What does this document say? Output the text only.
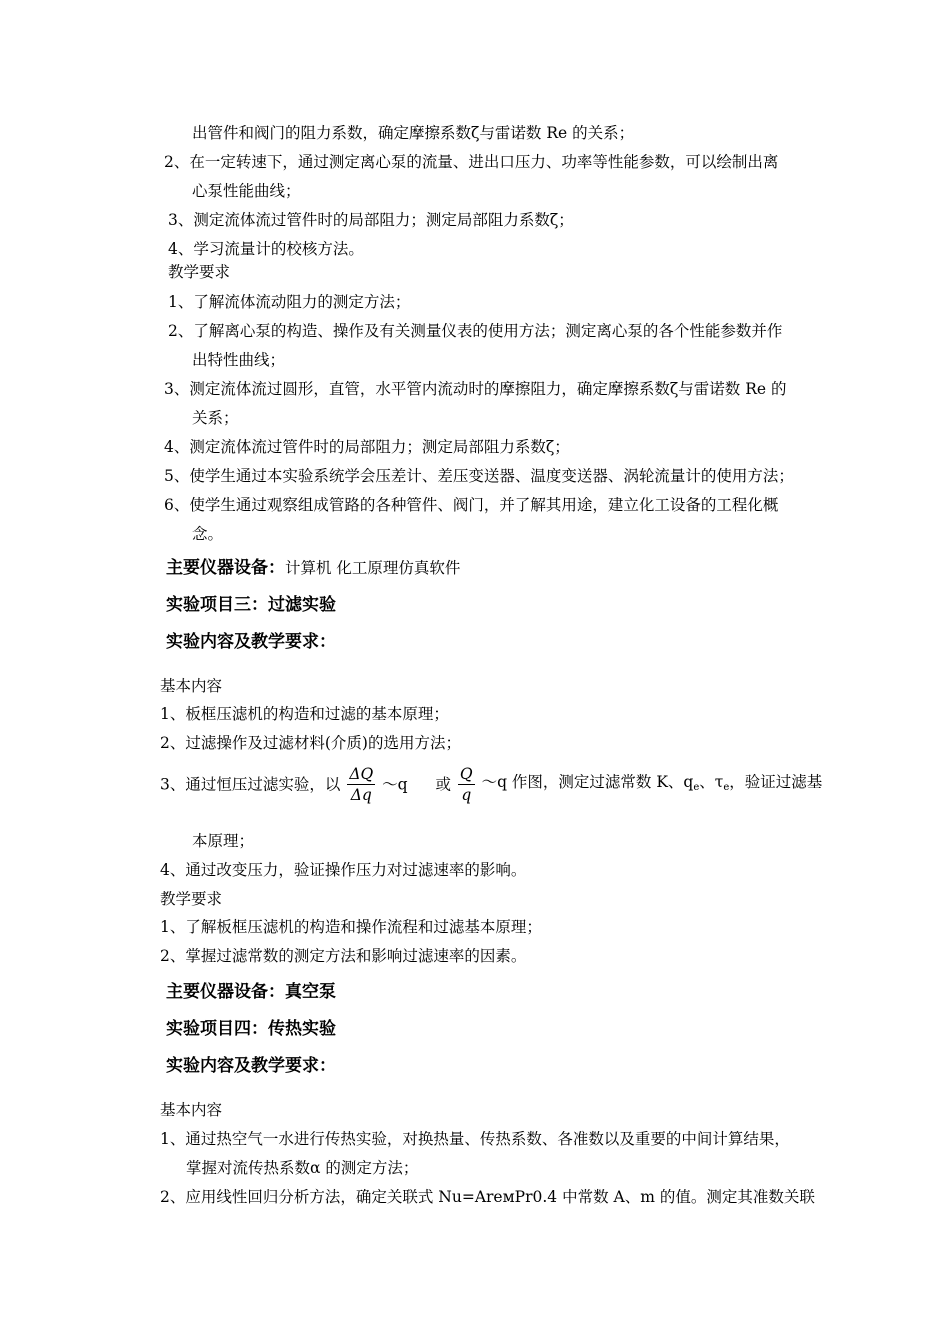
出管件和阀门的阻力系数，确定摩擦系数ζ与雷诺数 Re 的关系；
2、在一定转速下，通过测定离心泵的流量、进出口压力、功率等性能参数，可以绘制出离
心泵性能曲线；
3、测定流体流过管件时的局部阻力；测定局部阻力系数ζ；
4、学习流量计的校核方法。
教学要求
1、了解流体流动阻力的测定方法；
2、了解离心泵的构造、操作及有关测量仪表的使用方法；测定离心泵的各个性能参数并作
出特性曲线；
3、测定流体流过圆形，直管，水平管内流动时的摩擦阻力，确定摩擦系数ζ与雷诺数 Re 的
关系；
4、测定流体流过管件时的局部阻力；测定局部阻力系数ζ；
5、使学生通过本实验系统学会压差计、差压变送器、温度变送器、涡轮流量计的使用方法；
6、使学生通过观察组成管路的各种管件、阀门，并了解其用途，建立化工设备的工程化概
念。
主要仪器设备：计算机 化工原理仿真软件
实验项目三：过滤实验
实验内容及教学要求：
基本内容
1、板框压滤机的构造和过滤的基本原理；
2、过滤操作及过滤材料(介质)的选用方法；
3、通过恒压过滤实验，以 $\frac{\Delta Q}{\Delta q}$ ～q 或 $\frac{Q}{q}$ ～q 作图，测定过滤常数 K、$q_e$、$\tau_e$，验证过滤基
本原理；
4、通过改变压力，验证操作压力对过滤速率的影响。
教学要求
1、了解板框压滤机的构造和操作流程和过滤基本原理；
2、掌握过滤常数的测定方法和影响过滤速率的因素。
主要仪器设备：真空泵
实验项目四：传热实验
实验内容及教学要求：
基本内容
1、通过热空气一水进行传热实验，对换热量、传热系数、各准数以及重要的中间计算结果，
掌握对流传热系数α 的测定方法；
2、应用线性回归分析方法，确定关联式 Nu=ArемPr0.4 中常数 A、m 的值。测定其准数关联
